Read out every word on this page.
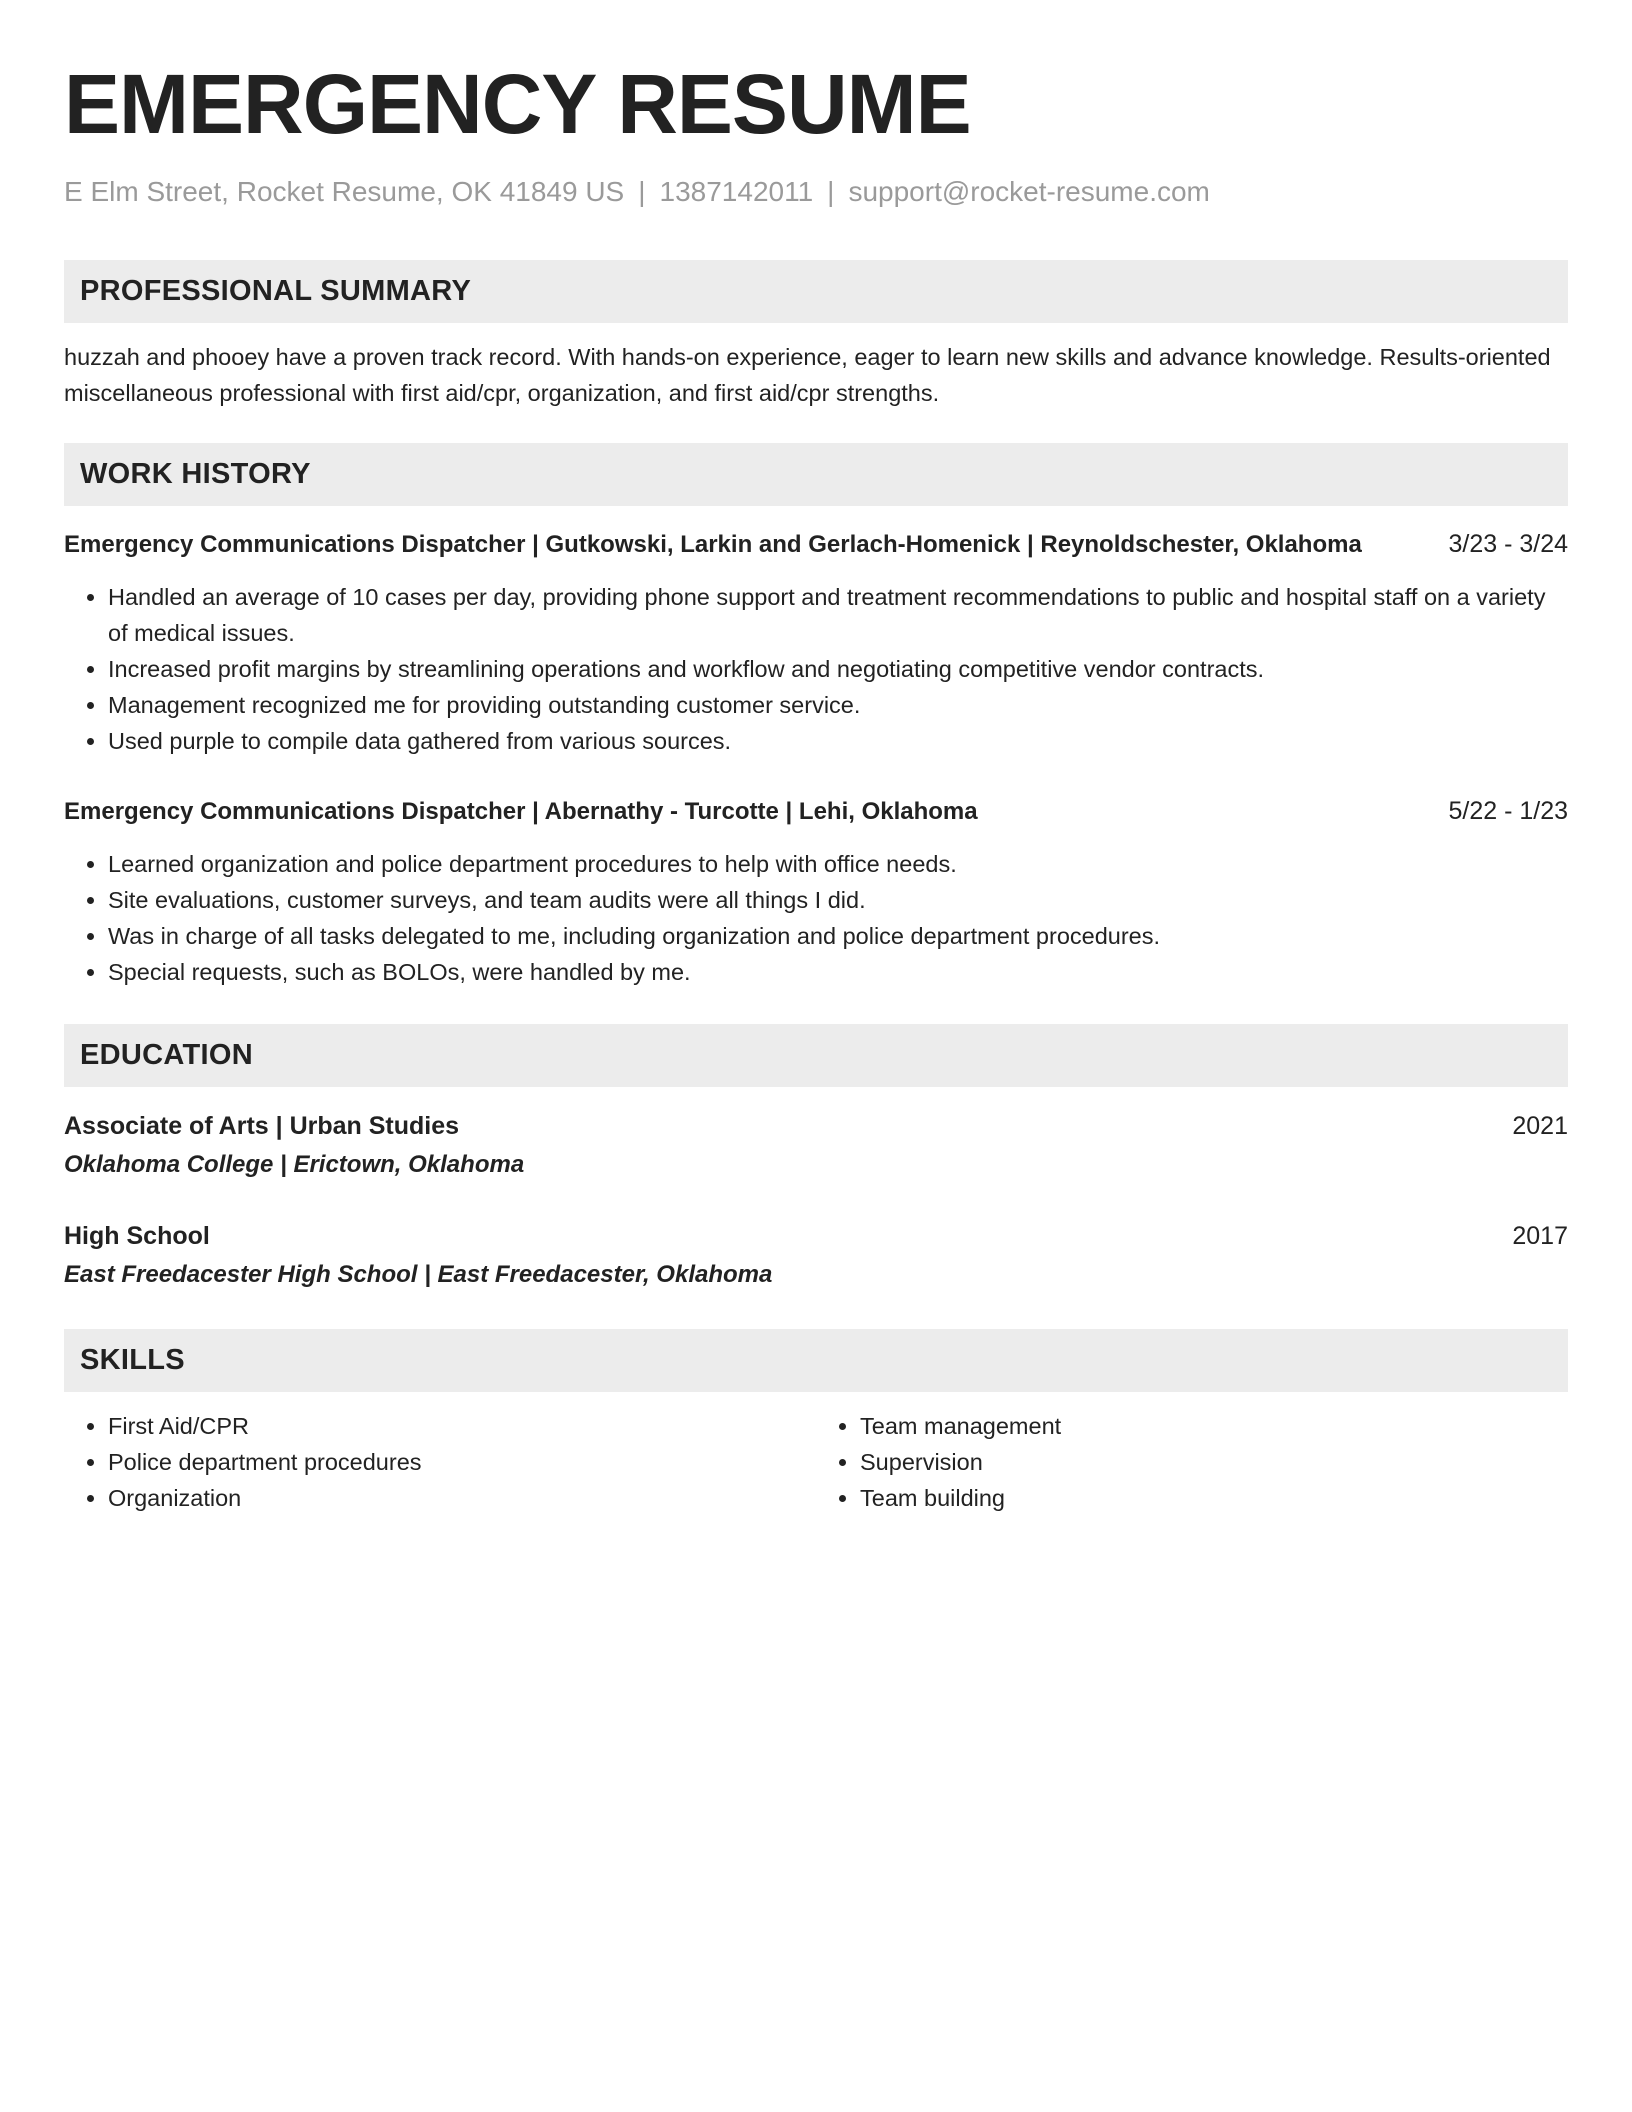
EMERGENCY RESUME
E Elm Street, Rocket Resume, OK 41849 US | 1387142011 | support@rocket-resume.com
PROFESSIONAL SUMMARY
huzzah and phooey have a proven track record. With hands-on experience, eager to learn new skills and advance knowledge. Results-oriented miscellaneous professional with first aid/cpr, organization, and first aid/cpr strengths.
WORK HISTORY
Emergency Communications Dispatcher | Gutkowski, Larkin and Gerlach-Homenick | Reynoldschester, Oklahoma	3/23 - 3/24
• Handled an average of 10 cases per day, providing phone support and treatment recommendations to public and hospital staff on a variety of medical issues.
• Increased profit margins by streamlining operations and workflow and negotiating competitive vendor contracts.
• Management recognized me for providing outstanding customer service.
• Used purple to compile data gathered from various sources.
Emergency Communications Dispatcher | Abernathy - Turcotte | Lehi, Oklahoma	5/22 - 1/23
• Learned organization and police department procedures to help with office needs.
• Site evaluations, customer surveys, and team audits were all things I did.
• Was in charge of all tasks delegated to me, including organization and police department procedures.
• Special requests, such as BOLOs, were handled by me.
EDUCATION
Associate of Arts | Urban Studies	2021
Oklahoma College | Erictown, Oklahoma
High School	2017
East Freedacester High School | East Freedacester, Oklahoma
SKILLS
• First Aid/CPR
• Police department procedures
• Organization
• Team management
• Supervision
• Team building
